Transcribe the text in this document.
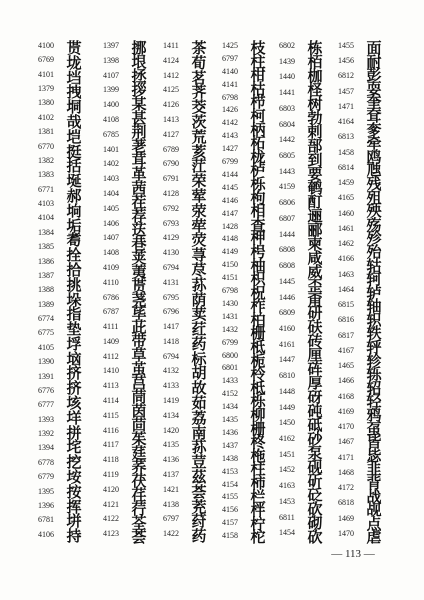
4100
6769
4101
1379
1380
4102
1381
6770
1382
1383
6771
4103
4104
1384
1385
1386
1387
1388
1389
6774
6775
4105
1390
1391
6776
6777
1393
1392
1394
6778
6779
1395
1396
6781
4106
贳
垅
垱
拽
垌
哉
垲
挺
括
埏
郝
垧
垢
耈
拴
拾
挑
垛
指
垫
垺
垴
挤
挤
垓
垟
拼
垞
挖
垵
按
挥
垪
持
1397
1398
4107
1399
1400
4108
6785
1401
1402
1403
1404
1405
1406
1407
1408
4109
4110
6786
6787
4111
1409
4112
1410
4113
4114
4115
4116
4117
4118
4119
4120
4121
4122
4123
挪
垠
拯
拶
某
甚
荆
荖
茸
革
茜
茬
荐
荙
巷
荚
荑
贳
荛
荜
茈
带
草
茧
莒
茼
茵
茴
茱
莛
荞
茯
荏
荇
荃
荟
1411
4124
1412
4125
4126
1413
4127
6789
6790
6791
4128
6792
6793
4129
4130
6794
4131
6795
6796
1417
1418
6794
4132
4133
1419
4134
1420
4135
4136
4137
1421
4138
6797
1422
茶
荀
茗
荠
茭
茨
荒
荄
茳
荣
荤
荥
荦
荧
荨
荩
荪
荫
荬
荭
药
标
胡
故
茹
荔
南
荪
荳
茲
荟
茺
荮
药
1425
6797
4140
4141
6798
1426
4142
4143
1427
6799
4144
4145
4146
4147
1428
4148
4149
4150
4151
6798
1430
1431
1432
6799
6800
6801
1433
4152
1434
1435
1436
1437
1438
4153
4154
4155
4156
4157
4158
枝
柱
柑
枯
栉
柯
柄
柘
栊
栌
栎
枸
相
查
柙
枵
柚
枳
柷
柞
柏
栅
柢
栀
柃
柢
栎
柳
栅
柊
柂
柱
柿
栏
柈
柠
柁
6802
1439
1440
1441
6803
6804
1442
6805
1443
4159
6806
6807
1444
6808
6808
1445
1446
6809
4160
4161
1447
6810
1448
1449
1450
4162
1451
1452
4163
1453
6811
1454
栋
栢
枷
柽
树
勃
剌
郚
到
要
鹌
酊
逦
郦
柬
咸
威
歪
甭
研
砆
砖
厘
砗
厚
砑
砘
砥
砂
泵
砚
斫
砭
砍
砌
砍
1455
1456
6812
1457
1471
4164
6813
1458
6814
1459
4165
1460
1461
1462
4166
1463
1464
6815
6816
6817
4167
1465
1466
4168
4169
4170
1467
4171
1468
4172
6818
1469
1470
面
耐
彭
耍
奎
耷
奓
牵
鸥
虺
残
殂
殃
殇
殄
殆
轱
轲
轳
轴
轵
轶
轷
轸
轹
轺
轻
鸦
虿
皆
毖
韭
背
战
觇
点
虐
— 113 —
